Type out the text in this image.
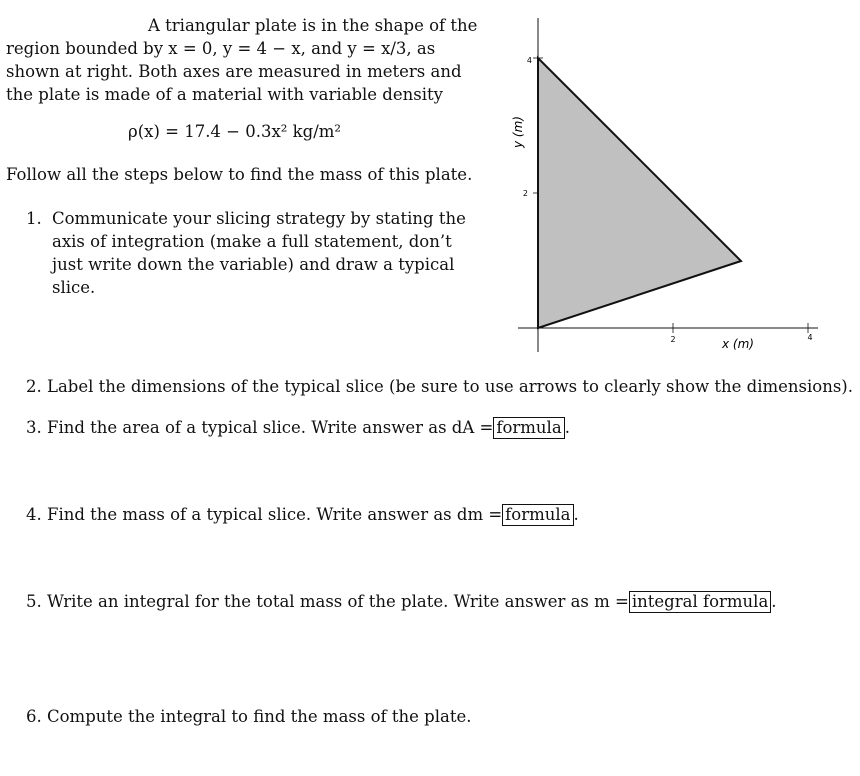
A triangular plate is in the shape of the region bounded by x = 0, y = 4 − x, and y = x/3, as shown at right. Both axes are measured in meters and the plate is made of a material with variable density

ρ(x) = 17.4 − 0.3x² kg/m²
Follow all the steps below to find the mass of this plate.
1. Communicate your slicing strategy by stating the axis of integration (make a full statement, don’t just write down the variable) and draw a typical slice.
2. Label the dimensions of the typical slice (be sure to use arrows to clearly show the dimensions).
3. Find the area of a typical slice. Write answer as dA = formula .
4. Find the mass of a typical slice. Write answer as dm = formula .
5. Write an integral for the total mass of the plate. Write answer as m = integral formula .
6. Compute the integral to find the mass of the plate.
2
4
2	4
x (m)
y (m)
